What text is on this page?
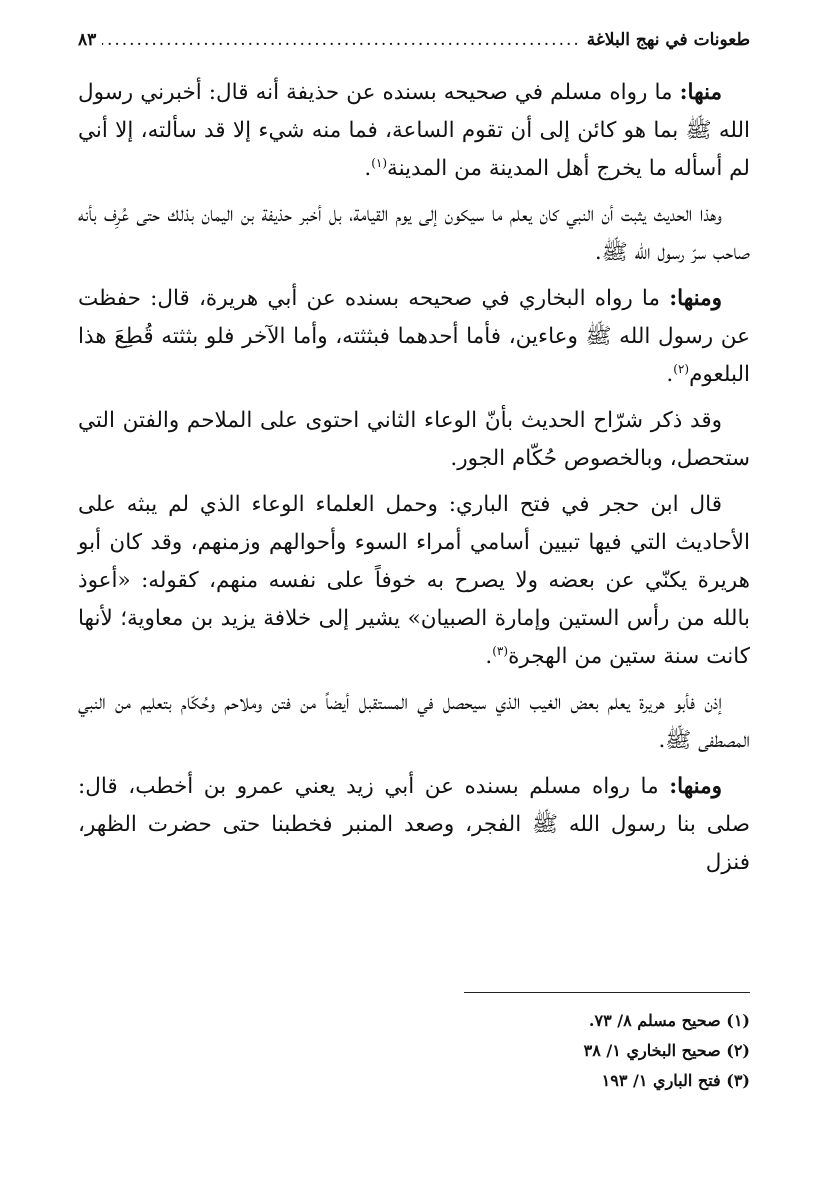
طعونات في نهج البلاغة
.....
٨٣

منها: ما رواه مسلم في صحيحه بسنده عن حذيفة أنه قال: أخبرني رسول الله ﷺ بما هو كائن إلى أن تقوم الساعة، فما منه شيء إلا قد سألته، إلا أني لم أسأله ما يخرج أهل المدينة من المدينة$^{(١)}$.

وهذا الحديث يثبت أن النبي كان يعلم ما سيكون إلى يوم القيامة، بل أخبر حذيفة بن اليمان بذلك حتى عُرِف بأنه صاحب سرّ رسول الله ﷺ.

ومنها: ما رواه البخاري في صحيحه بسنده عن أبي هريرة، قال: حفظت عن رسول الله ﷺ وعاءين، فأما أحدهما فبثثته، وأما الآخر فلو بثثته قُطِعَ هذا البلعوم$^{(٢)}$.

وقد ذكر شرّاح الحديث بأنّ الوعاء الثاني احتوى على الملاحم والفتن التي ستحصل، وبالخصوص حُكّام الجور.

قال ابن حجر في فتح الباري: وحمل العلماء الوعاء الذي لم يبثه على الأحاديث التي فيها تبيين أسامي أمراء السوء وأحوالهم وزمنهم، وقد كان أبو هريرة يكنّي عن بعضه ولا يصرح به خوفاً على نفسه منهم، كقوله: «أعوذ بالله من رأس الستين وإمارة الصبيان» يشير إلى خلافة يزيد بن معاوية؛ لأنها كانت سنة ستين من الهجرة$^{(٣)}$.

إذن فأبو هريرة يعلم بعض الغيب الذي سيحصل في المستقبل أيضاً من فتن وملاحم وحُكّام بتعليم من النبي المصطفى ﷺ.

ومنها: ما رواه مسلم بسنده عن أبي زيد يعني عمرو بن أخطب، قال: صلى بنا رسول الله ﷺ الفجر، وصعد المنبر فخطبنا حتى حضرت الظهر، فنزل

(١) صحيح مسلم ٨/ ٧٣.
(٢) صحيح البخاري ١/ ٣٨
(٣) فتح الباري ١/ ١٩٣
